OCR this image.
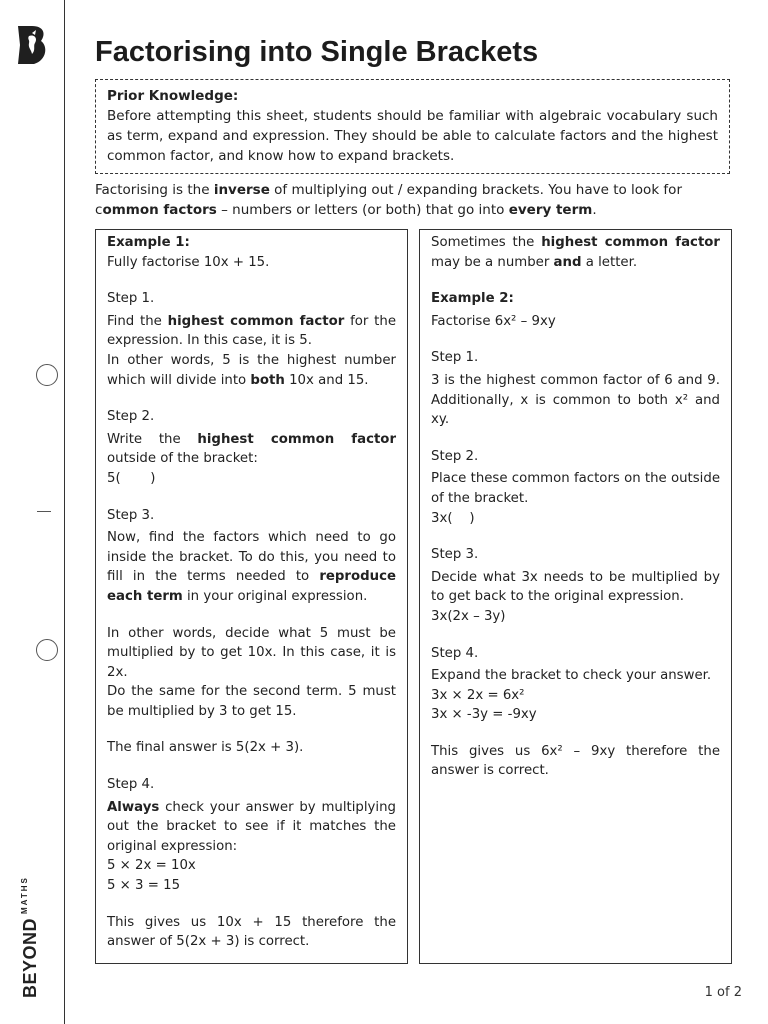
$BEYOND^{MATHS}$
Factorising into Single Brackets
Prior Knowledge:
Before attempting this sheet, students should be familiar with algebraic vocabulary such as term, expand and expression. They should be able to calculate factors and the highest common factor, and know how to expand brackets.
Factorising is the inverse of multiplying out / expanding brackets. You have to look for common factors – numbers or letters (or both) that go into every term.

Example 1:

Fully factorise 10x + 15.

Step 1.

Find the highest common factor for the expression. In this case, it is 5.

In other words, 5 is the highest number which will divide into both 10x and 15.

Step 2.

Write the highest common factor outside of the bracket:

5(       )

Step 3.

Now, find the factors which need to go inside the bracket. To do this, you need to fill in the terms needed to reproduce each term in your original expression.

In other words, decide what 5 must be multiplied by to get 10x. In this case, it is 2x.

Do the same for the second term. 5 must be multiplied by 3 to get 15.

The final answer is 5(2x + 3).

Step 4.

Always check your answer by multiplying out the bracket to see if it matches the original expression:

5 × 2x = 10x

5 × 3 = 15

This gives us 10x + 15 therefore the answer of 5(2x + 3) is correct.

Sometimes the highest common factor may be a number and a letter.

Example 2:

Factorise 6x² – 9xy

Step 1.

3 is the highest common factor of 6 and 9. Additionally, x is common to both x² and xy.

Step 2.

Place these common factors on the outside of the bracket.

3x(    )

Step 3.

Decide what 3x needs to be multiplied by to get back to the original expression.

3x(2x – 3y)

Step 4.

Expand the bracket to check your answer.

3x × 2x = 6x²

3x × -3y = -9xy

This gives us 6x² – 9xy therefore the answer is correct.

1 of 2
